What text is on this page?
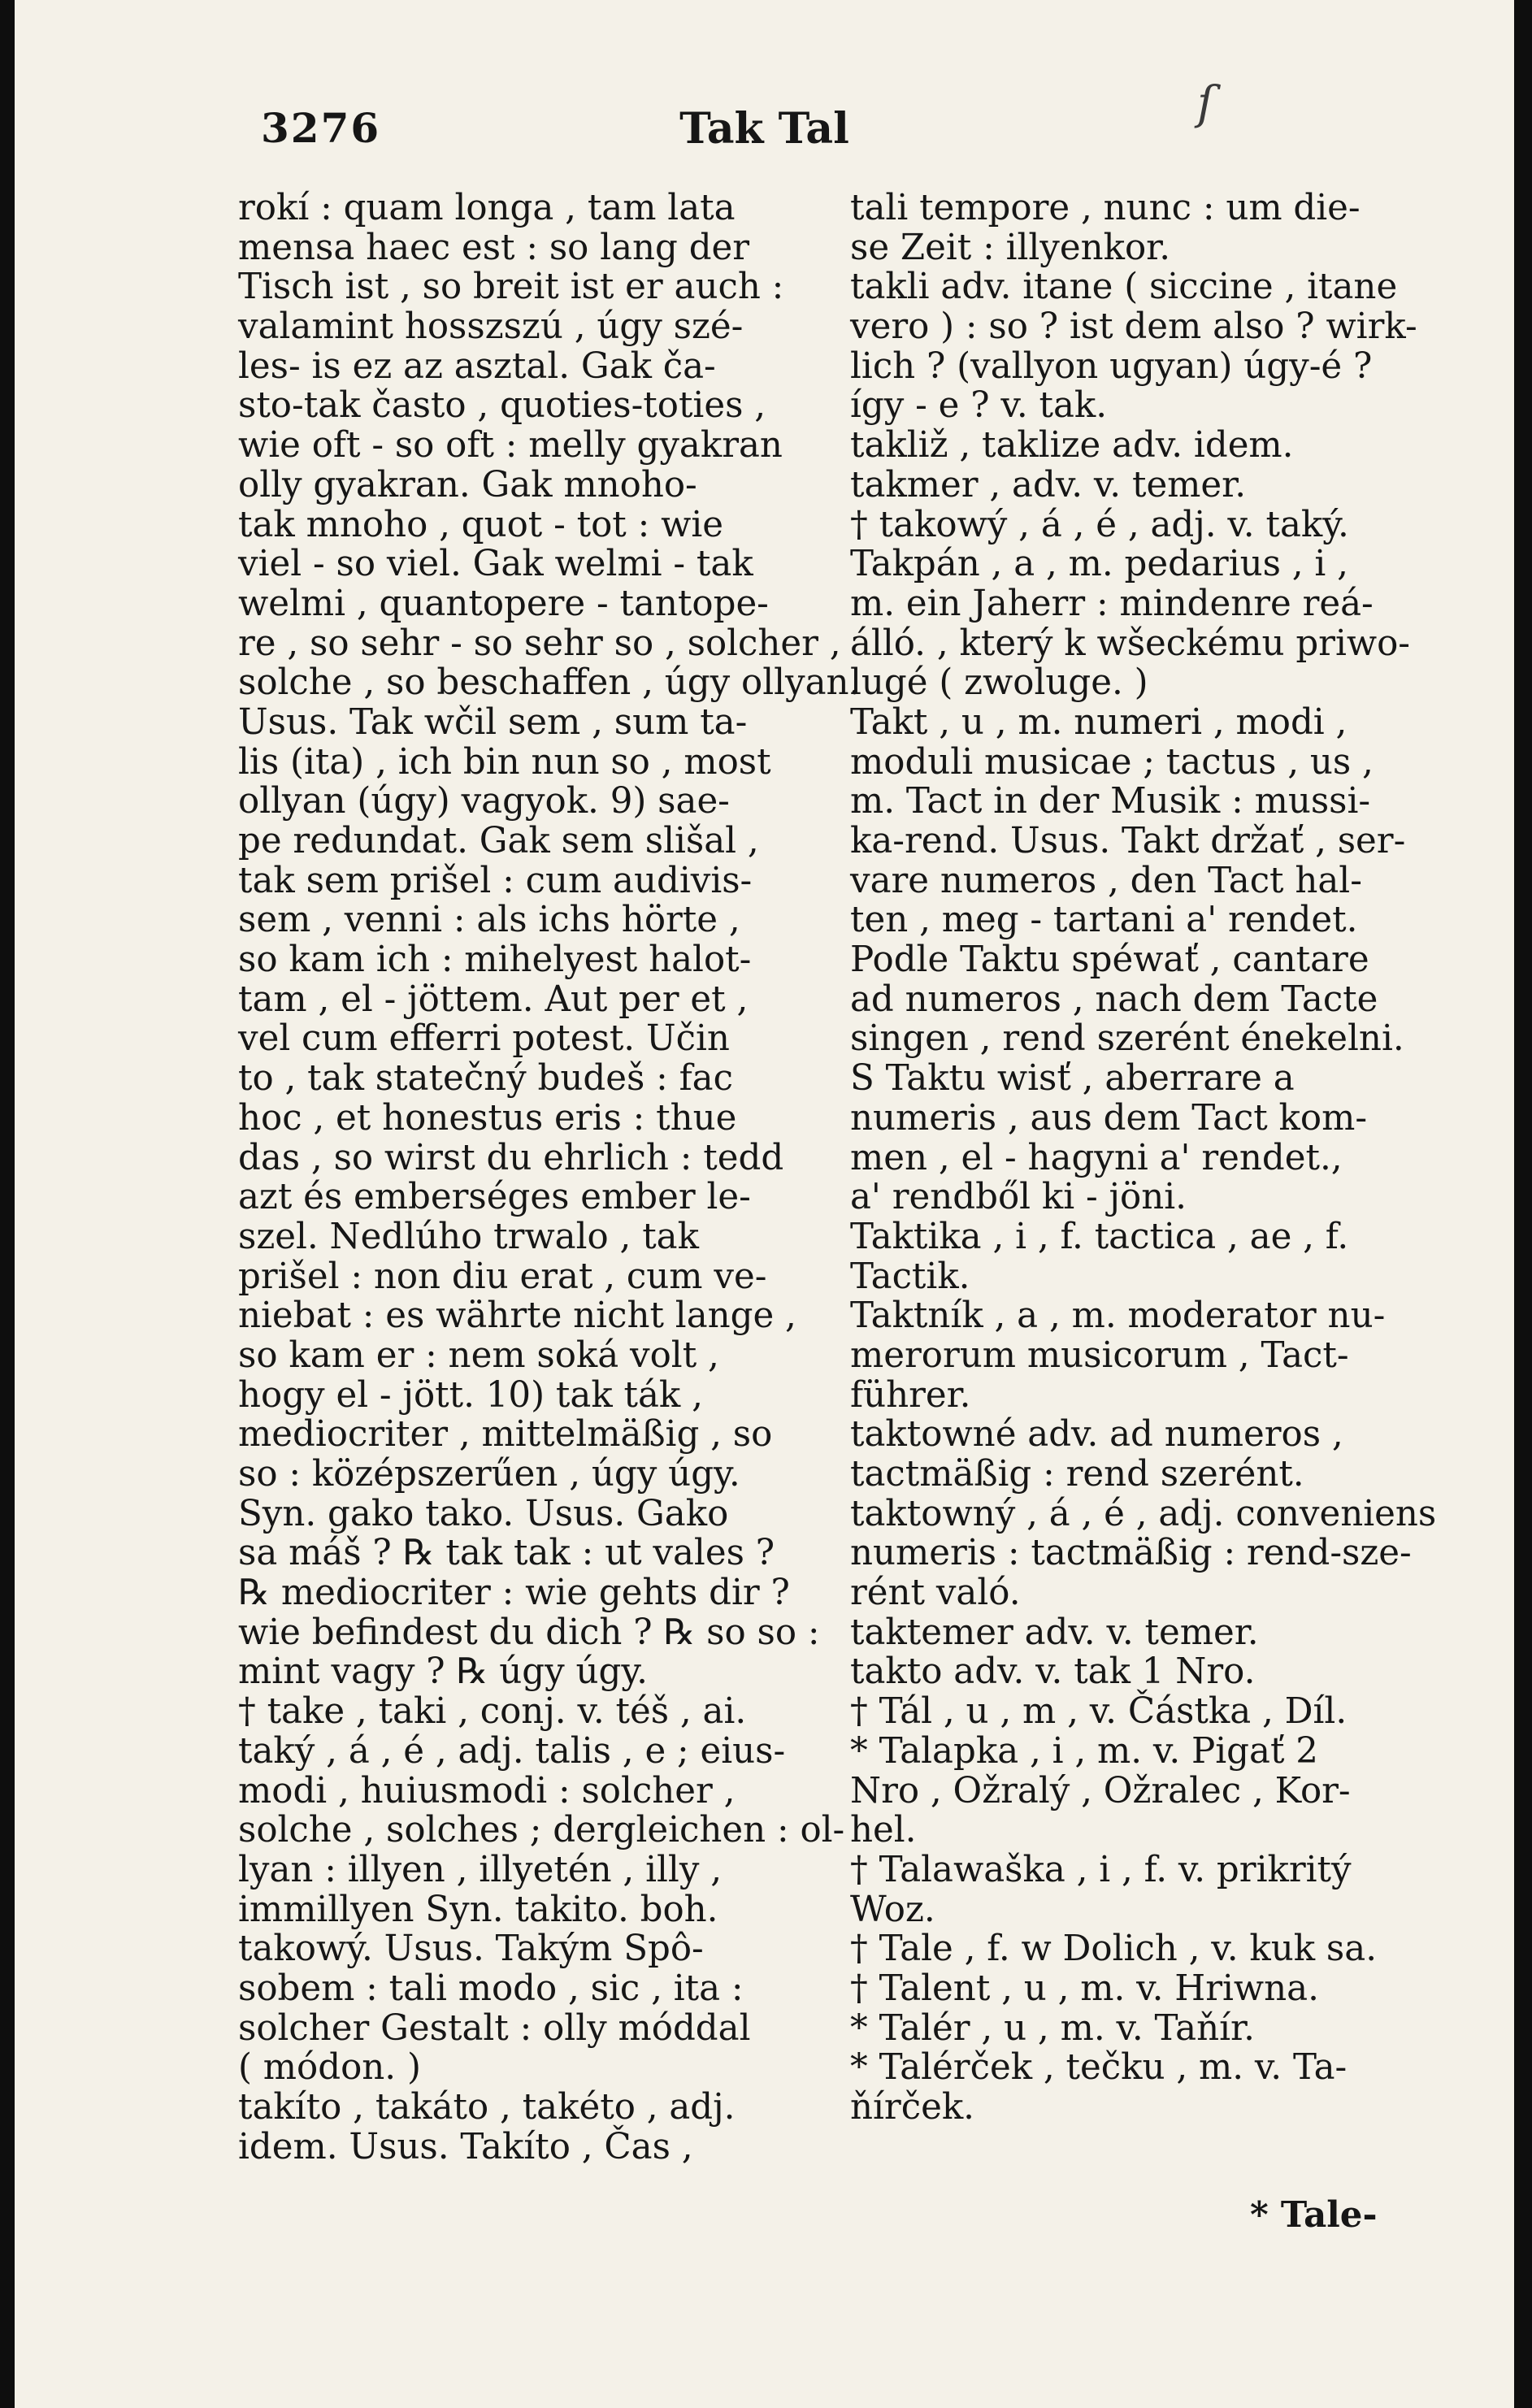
ſ
Tak Tal
3276
rokí : quam longa , tam lata
mensa haec est : so lang der
Tisch ist , so breit ist er auch :
valamint hosszszú , úgy szé-
les- is ez az asztal. Gak ča-
sto-tak často , quoties-toties ,
wie oft - so oft : melly gyakran
olly gyakran. Gak mnoho-
tak mnoho , quot - tot : wie
viel - so viel. Gak welmi - tak
welmi , quantopere - tantope-
re , so sehr - so sehr so , solcher ,
solche , so beschaffen , úgy ollyan.
Usus. Tak wčil sem , sum ta-
lis (ita) , ich bin nun so , most
ollyan (úgy) vagyok. 9) sae-
pe redundat. Gak sem slišal ,
tak sem prišel : cum audivis-
sem , venni : als ichs hörte ,
so kam ich : mihelyest halot-
tam , el - jöttem. Aut per et ,
vel cum efferri potest. Učin
to , tak statečný budeš : fac
hoc , et honestus eris : thue
das , so wirst du ehrlich : tedd
azt és emberséges ember le-
szel. Nedlúho trwalo , tak
prišel : non diu erat , cum ve-
niebat : es währte nicht lange ,
so kam er : nem soká volt ,
hogy el - jött. 10) tak ták ,
mediocriter , mittelmäßig , so
so : középszerűen , úgy úgy.
Syn. gako tako. Usus. Gako
sa máš ? ℞ tak tak : ut vales ?
℞ mediocriter : wie gehts dir ?
wie befindest du dich ? ℞ so so :
mint vagy ? ℞ úgy úgy.
† take , taki , conj. v. téš , ai.
taký , á , é , adj. talis , e ; eius-
modi , huiusmodi : solcher ,
solche , solches ; dergleichen : ol-
lyan : illyen , illyetén , illy ,
immillyen Syn. takito. boh.
takowý. Usus. Takým Spô-
sobem : tali modo , sic , ita :
solcher Gestalt : olly móddal
( módon. )
takíto , takáto , takéto , adj.
idem. Usus. Takíto , Čas ,
tali tempore , nunc : um die-
se Zeit : illyenkor.
takli adv. itane ( siccine , itane
vero ) : so ? ist dem also ? wirk-
lich ? (vallyon ugyan) úgy-é ?
így - e ? v. tak.
takliž , taklize adv. idem.
takmer , adv. v. temer.
† takowý , á , é , adj. v. taký.
Takpán , a , m. pedarius , i ,
m. ein Jaherr : mindenre reá-
álló. , který k wšeckému priwo-
lugé ( zwoluge. )
Takt , u , m. numeri , modi ,
moduli musicae ; tactus , us ,
m. Tact in der Musik : mussi-
ka-rend. Usus. Takt držať , ser-
vare numeros , den Tact hal-
ten , meg - tartani a' rendet.
Podle Taktu spéwať , cantare
ad numeros , nach dem Tacte
singen , rend szerént énekelni.
S Taktu wisť , aberrare a
numeris , aus dem Tact kom-
men , el - hagyni a' rendet.,
a' rendből ki - jöni.
Taktika , i , f. tactica , ae , f.
Tactik.
Taktník , a , m. moderator nu-
merorum musicorum , Tact-
führer.
taktowné adv. ad numeros ,
tactmäßig : rend szerént.
taktowný , á , é , adj. conveniens
numeris : tactmäßig : rend-sze-
rént való.
taktemer adv. v. temer.
takto adv. v. tak 1 Nro.
† Tál , u , m , v. Částka , Díl.
* Talapka , i , m. v. Pigať 2
Nro , Ožralý , Ožralec , Kor-
hel.
† Talawaška , i , f. v. prikritý
Woz.
† Tale , f. w Dolich , v. kuk sa.
† Talent , u , m. v. Hriwna.
* Talér , u , m. v. Taňír.
* Talérček , tečku , m. v. Ta-
ňírček.
* Tale-
